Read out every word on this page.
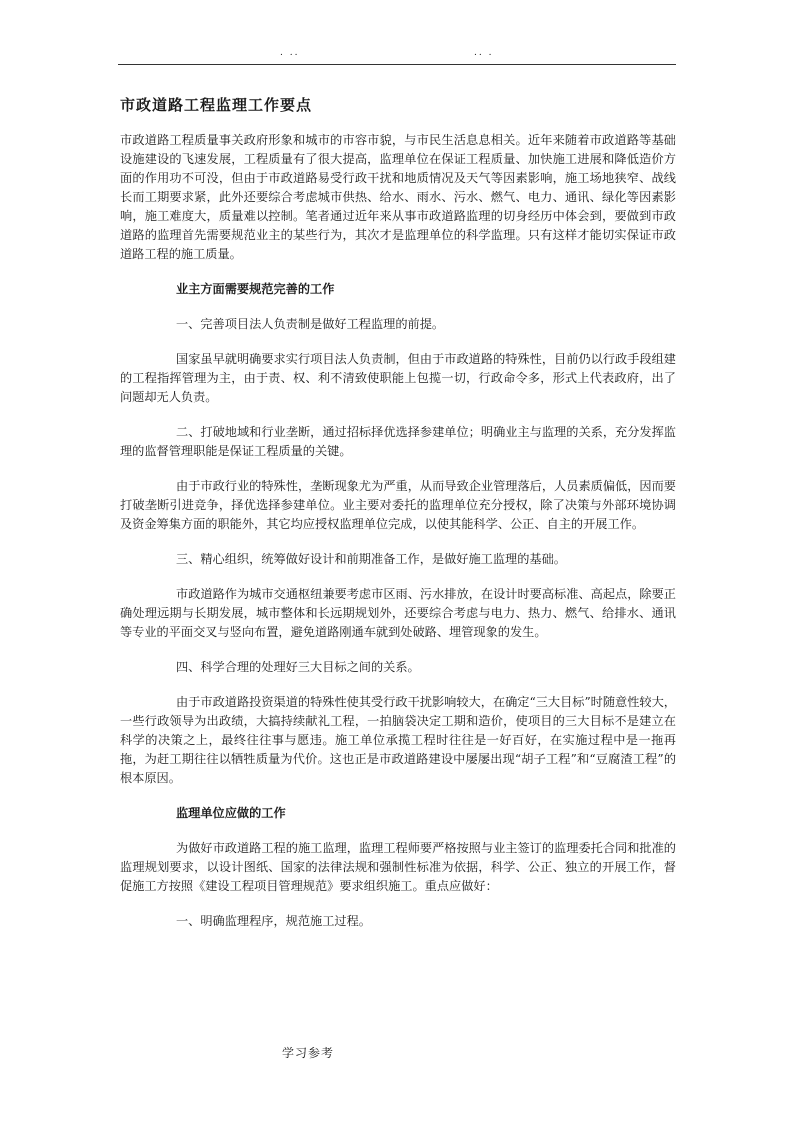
. ..	.. .
市政道路工程监理工作要点

市政道路工程质量事关政府形象和城市的市容市貌，与市民生活息息相关。近年来随着市政道路等基础设施建设的飞速发展，工程质量有了很大提高，监理单位在保证工程质量、加快施工进展和降低造价方面的作用功不可没，但由于市政道路易受行政干扰和地质情况及天气等因素影响，施工场地狭窄、战线长而工期要求紧，此外还要综合考虑城市供热、给水、雨水、污水、燃气、电力、通讯、绿化等因素影响，施工难度大，质量难以控制。笔者通过近年来从事市政道路监理的切身经历中体会到，要做到市政道路的监理首先需要规范业主的某些行为，其次才是监理单位的科学监理。只有这样才能切实保证市政道路工程的施工质量。

业主方面需要规范完善的工作

一、完善项目法人负责制是做好工程监理的前提。

国家虽早就明确要求实行项目法人负责制，但由于市政道路的特殊性，目前仍以行政手段组建的工程指挥管理为主，由于责、权、利不清致使职能上包揽一切，行政命令多，形式上代表政府，出了问题却无人负责。

二、打破地域和行业垄断，通过招标择优选择参建单位；明确业主与监理的关系，充分发挥监理的监督管理职能是保证工程质量的关键。

由于市政行业的特殊性，垄断现象尤为严重，从而导致企业管理落后，人员素质偏低，因而要打破垄断引进竞争，择优选择参建单位。业主要对委托的监理单位充分授权，除了决策与外部环境协调及资金筹集方面的职能外，其它均应授权监理单位完成，以使其能科学、公正、自主的开展工作。

三、精心组织，统筹做好设计和前期准备工作，是做好施工监理的基础。

市政道路作为城市交通枢纽兼要考虑市区雨、污水排放，在设计时要高标准、高起点，除要正确处理远期与长期发展，城市整体和长远期规划外，还要综合考虑与电力、热力、燃气、给排水、通讯等专业的平面交叉与竖向布置，避免道路刚通车就到处破路、埋管现象的发生。

四、科学合理的处理好三大目标之间的关系。

由于市政道路投资渠道的特殊性使其受行政干扰影响较大，在确定“三大目标”时随意性较大，一些行政领导为出政绩，大搞持续献礼工程，一拍脑袋决定工期和造价，使项目的三大目标不是建立在科学的决策之上，最终往往事与愿违。施工单位承揽工程时往往是一好百好，在实施过程中是一拖再拖，为赶工期往往以牺牲质量为代价。这也正是市政道路建设中屡屡出现“胡子工程”和“豆腐渣工程”的根本原因。

监理单位应做的工作

为做好市政道路工程的施工监理，监理工程师要严格按照与业主签订的监理委托合同和批准的监理规划要求，以设计图纸、国家的法律法规和强制性标准为依据，科学、公正、独立的开展工作，督促施工方按照《建设工程项目管理规范》要求组织施工。重点应做好：

一、明确监理程序，规范施工过程。

学习参考
